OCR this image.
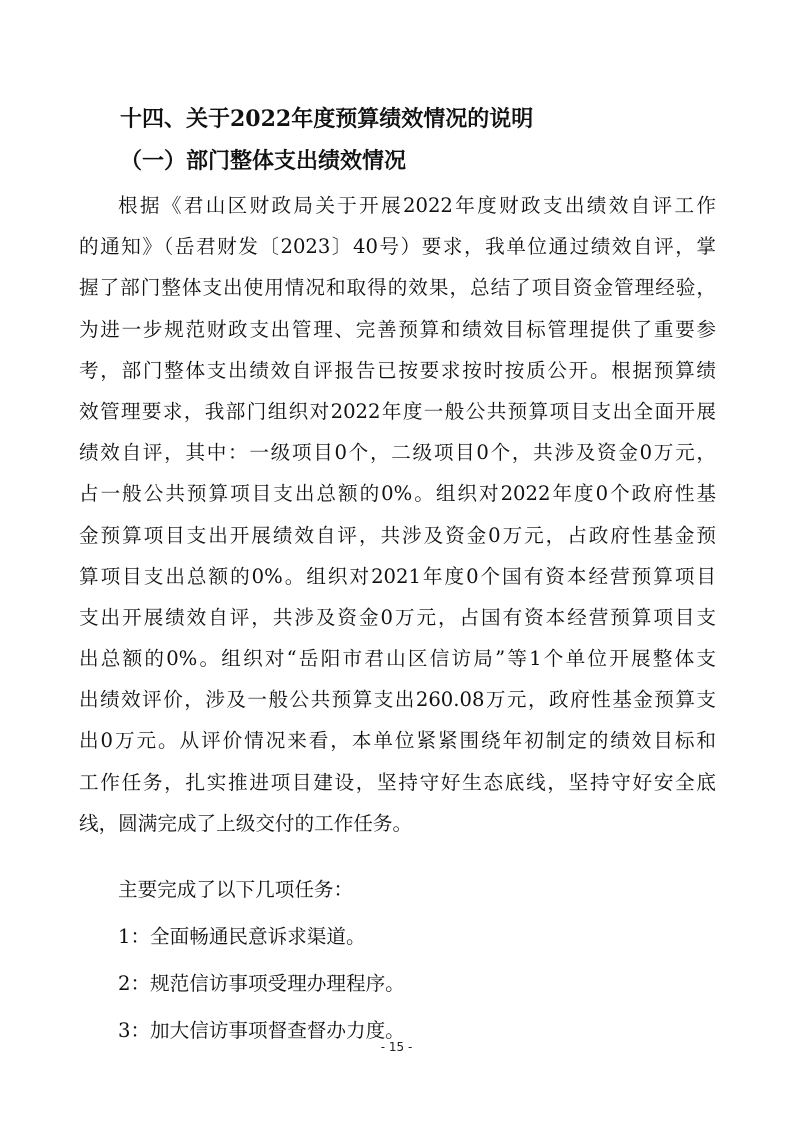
十四、关于2022年度预算绩效情况的说明
（一）部门整体支出绩效情况
根据《君山区财政局关于开展2022年度财政支出绩效自评工作
的通知》（岳君财发〔2023〕40号）要求，我单位通过绩效自评，掌
握了部门整体支出使用情况和取得的效果，总结了项目资金管理经验，
为进一步规范财政支出管理、完善预算和绩效目标管理提供了重要参
考，部门整体支出绩效自评报告已按要求按时按质公开。根据预算绩
效管理要求，我部门组织对2022年度一般公共预算项目支出全面开展
绩效自评，其中：一级项目0个，二级项目0个，共涉及资金0万元，
占一般公共预算项目支出总额的0%。组织对2022年度0个政府性基
金预算项目支出开展绩效自评，共涉及资金0万元，占政府性基金预
算项目支出总额的0%。组织对2021年度0个国有资本经营预算项目
支出开展绩效自评，共涉及资金0万元，占国有资本经营预算项目支
出总额的0%。组织对“岳阳市君山区信访局”等1个单位开展整体支
出绩效评价，涉及一般公共预算支出260.08万元，政府性基金预算支
出0万元。从评价情况来看，本单位紧紧围绕年初制定的绩效目标和
工作任务，扎实推进项目建设，坚持守好生态底线，坚持守好安全底
线，圆满完成了上级交付的工作任务。
主要完成了以下几项任务：
1：全面畅通民意诉求渠道。
2：规范信访事项受理办理程序。
3：加大信访事项督查督办力度。
- 15 -
